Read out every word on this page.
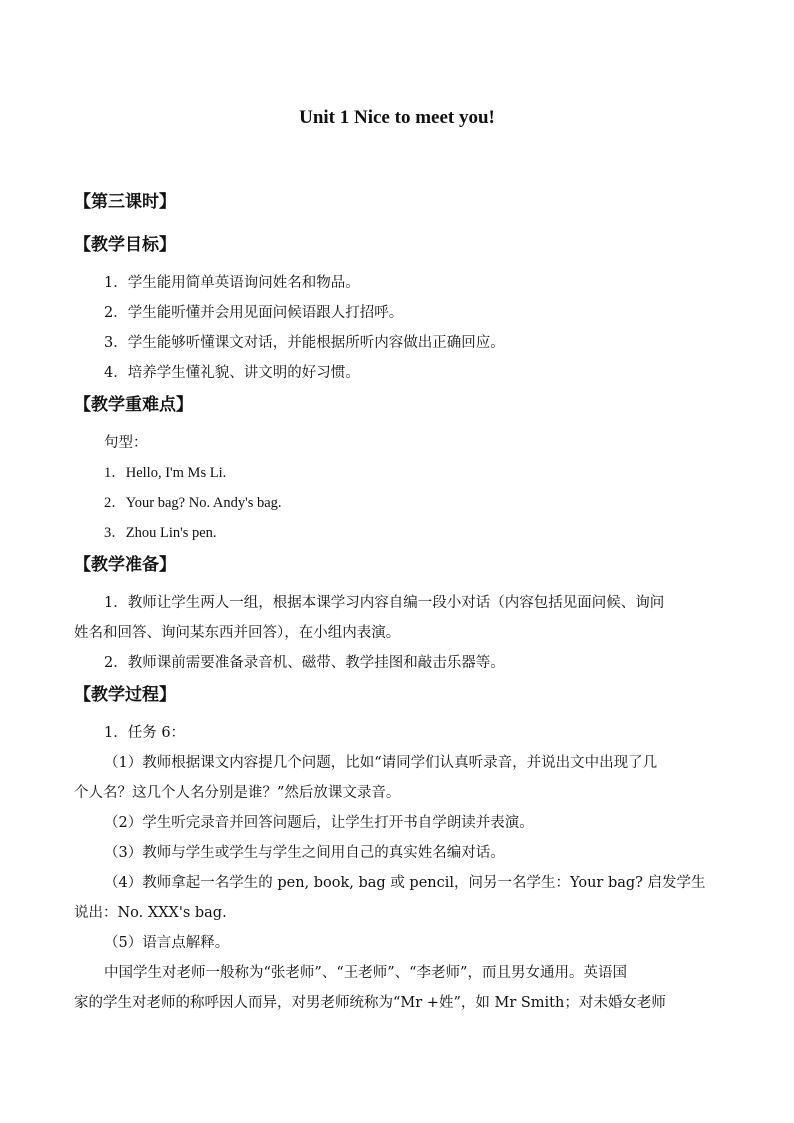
Unit 1 Nice to meet you!
【第三课时】
【教学目标】
1．学生能用简单英语询问姓名和物品。
2．学生能听懂并会用见面问候语跟人打招呼。
3．学生能够听懂课文对话，并能根据所听内容做出正确回应。
4．培养学生懂礼貌、讲文明的好习惯。
【教学重难点】
句型：
1．Hello, I'm Ms Li.
2．Your bag? No. Andy's bag.
3．Zhou Lin's pen.
【教学准备】
1．教师让学生两人一组，根据本课学习内容自编一段小对话（内容包括见面问候、询问
姓名和回答、询问某东西并回答），在小组内表演。
2．教师课前需要准备录音机、磁带、教学挂图和敲击乐器等。
【教学过程】
1．任务 6：
（1）教师根据课文内容提几个问题，比如“请同学们认真听录音，并说出文中出现了几
个人名？这几个人名分别是谁？”然后放课文录音。
（2）学生听完录音并回答问题后，让学生打开书自学朗读并表演。
（3）教师与学生或学生与学生之间用自己的真实姓名编对话。
（4）教师拿起一名学生的 pen, book, bag 或 pencil，问另一名学生：Your bag? 启发学生
说出：No. XXX's bag.
（5）语言点解释。
中国学生对老师一般称为“张老师”、“王老师”、“李老师”，而且男女通用。英语国
家的学生对老师的称呼因人而异，对男老师统称为“Mr +姓”，如 Mr Smith；对未婚女老师
